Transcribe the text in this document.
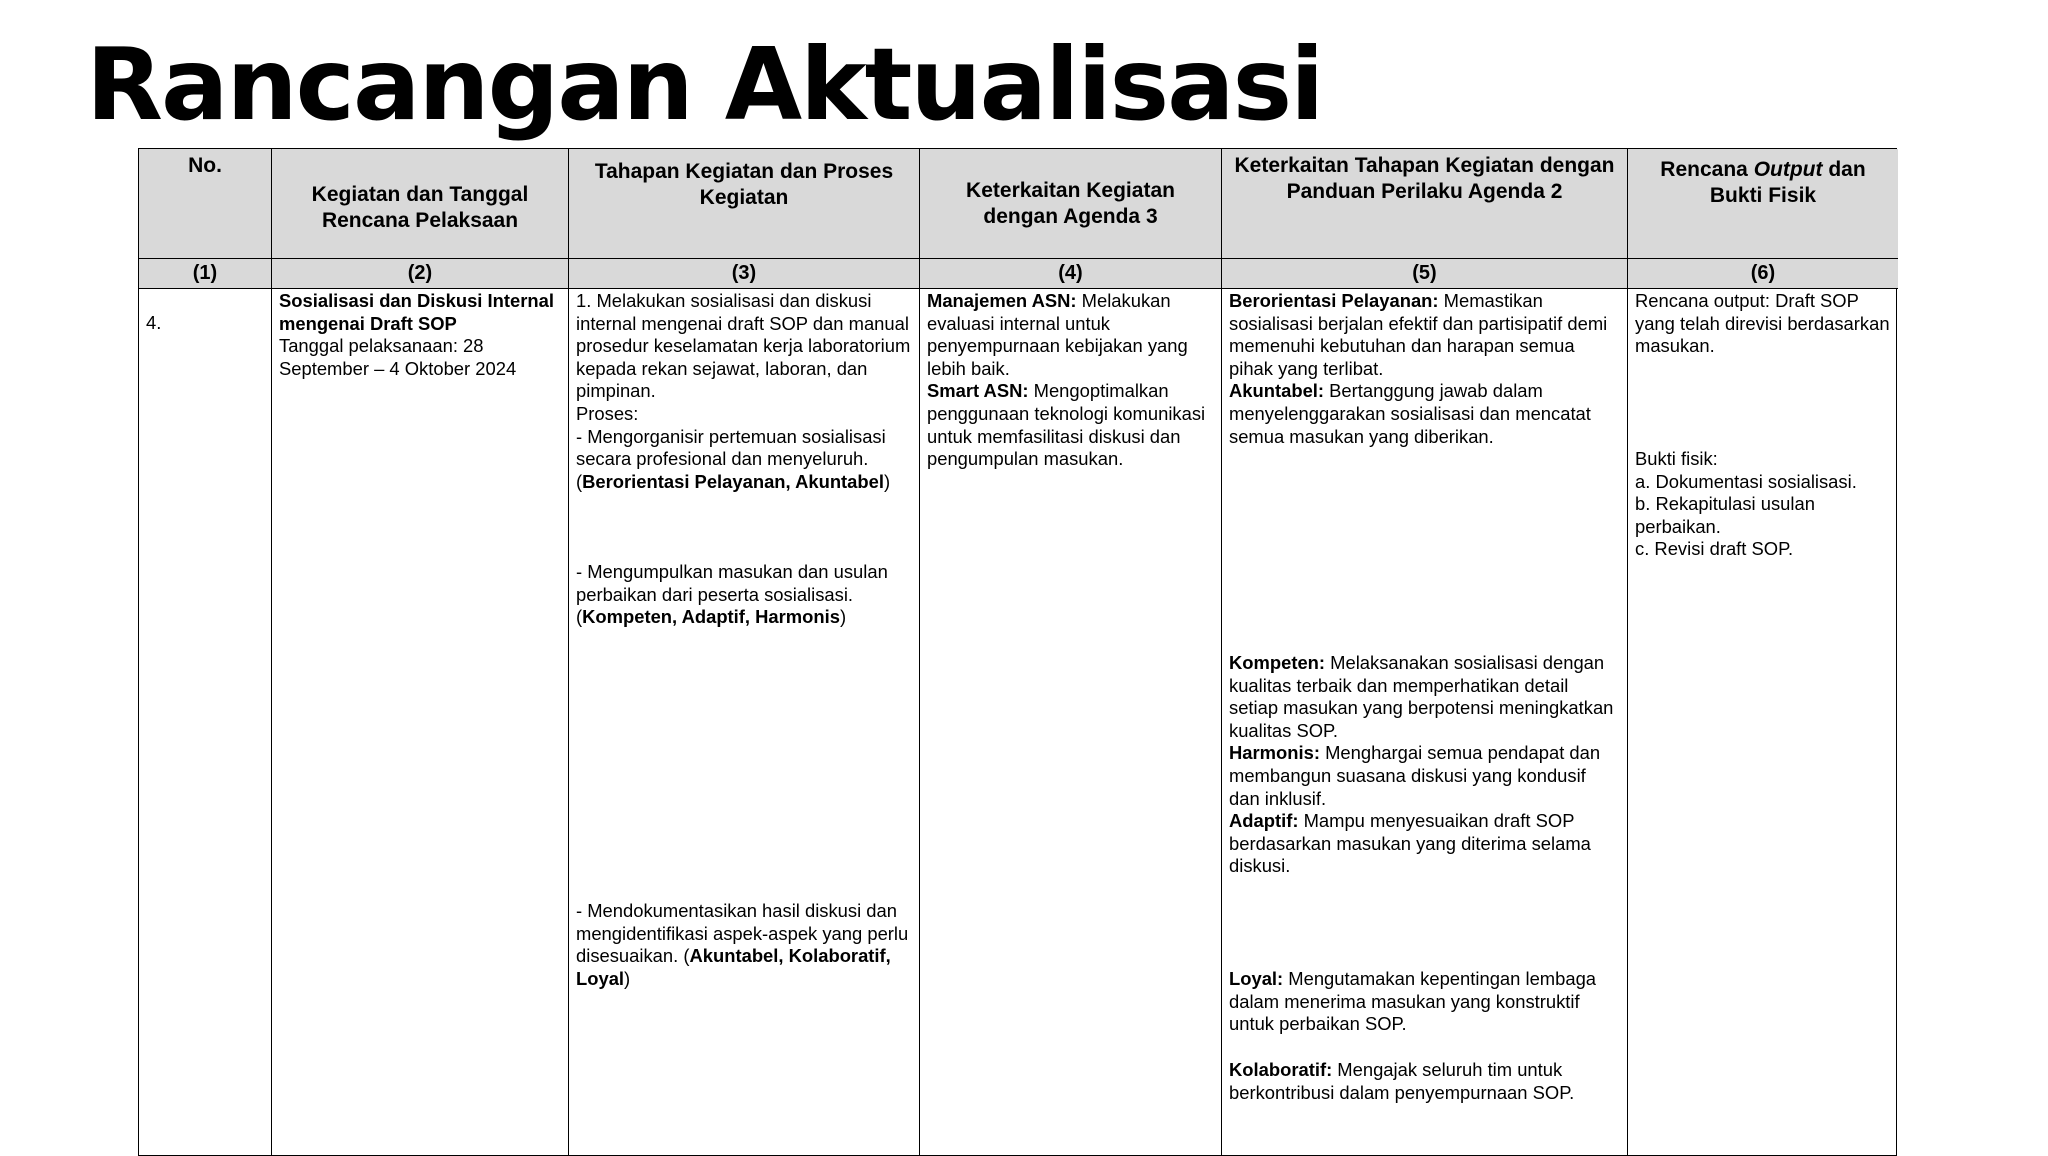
Rancangan Aktualisasi
No.
(1)
4.
Kegiatan dan Tanggal Rencana Pelaksaan
(2)
Sosialisasi dan Diskusi Internal mengenai Draft SOP
Tanggal pelaksanaan: 28 September – 4 Oktober 2024
Tahapan Kegiatan dan Proses Kegiatan
(3)
1. Melakukan sosialisasi dan diskusi internal mengenai draft SOP dan manual prosedur keselamatan kerja laboratorium kepada rekan sejawat, laboran, dan pimpinan.
Proses:
- Mengorganisir pertemuan sosialisasi secara profesional dan menyeluruh. (Berorientasi Pelayanan, Akuntabel)
- Mengumpulkan masukan dan usulan perbaikan dari peserta sosialisasi. (Kompeten, Adaptif, Harmonis)
- Mendokumentasikan hasil diskusi dan mengidentifikasi aspek-aspek yang perlu disesuaikan. (Akuntabel, Kolaboratif, Loyal)
Keterkaitan Kegiatan dengan Agenda 3
(4)
Manajemen ASN: Melakukan evaluasi internal untuk penyempurnaan kebijakan yang lebih baik.
Smart ASN: Mengoptimalkan penggunaan teknologi komunikasi untuk memfasilitasi diskusi dan pengumpulan masukan.
Keterkaitan Tahapan Kegiatan dengan Panduan Perilaku Agenda 2
(5)
Berorientasi Pelayanan: Memastikan sosialisasi berjalan efektif dan partisipatif demi memenuhi kebutuhan dan harapan semua pihak yang terlibat.
Akuntabel: Bertanggung jawab dalam menyelenggarakan sosialisasi dan mencatat semua masukan yang diberikan.
Kompeten: Melaksanakan sosialisasi dengan kualitas terbaik dan memperhatikan detail setiap masukan yang berpotensi meningkatkan kualitas SOP.
Harmonis: Menghargai semua pendapat dan membangun suasana diskusi yang kondusif dan inklusif.
Adaptif: Mampu menyesuaikan draft SOP berdasarkan masukan yang diterima selama diskusi.
Loyal: Mengutamakan kepentingan lembaga dalam menerima masukan yang konstruktif untuk perbaikan SOP.
Kolaboratif: Mengajak seluruh tim untuk berkontribusi dalam penyempurnaan SOP.
Rencana Output dan Bukti Fisik
(6)
Rencana output: Draft SOP yang telah direvisi berdasarkan masukan.
Bukti fisik:
a. Dokumentasi sosialisasi.
b. Rekapitulasi usulan perbaikan.
c. Revisi draft SOP.
